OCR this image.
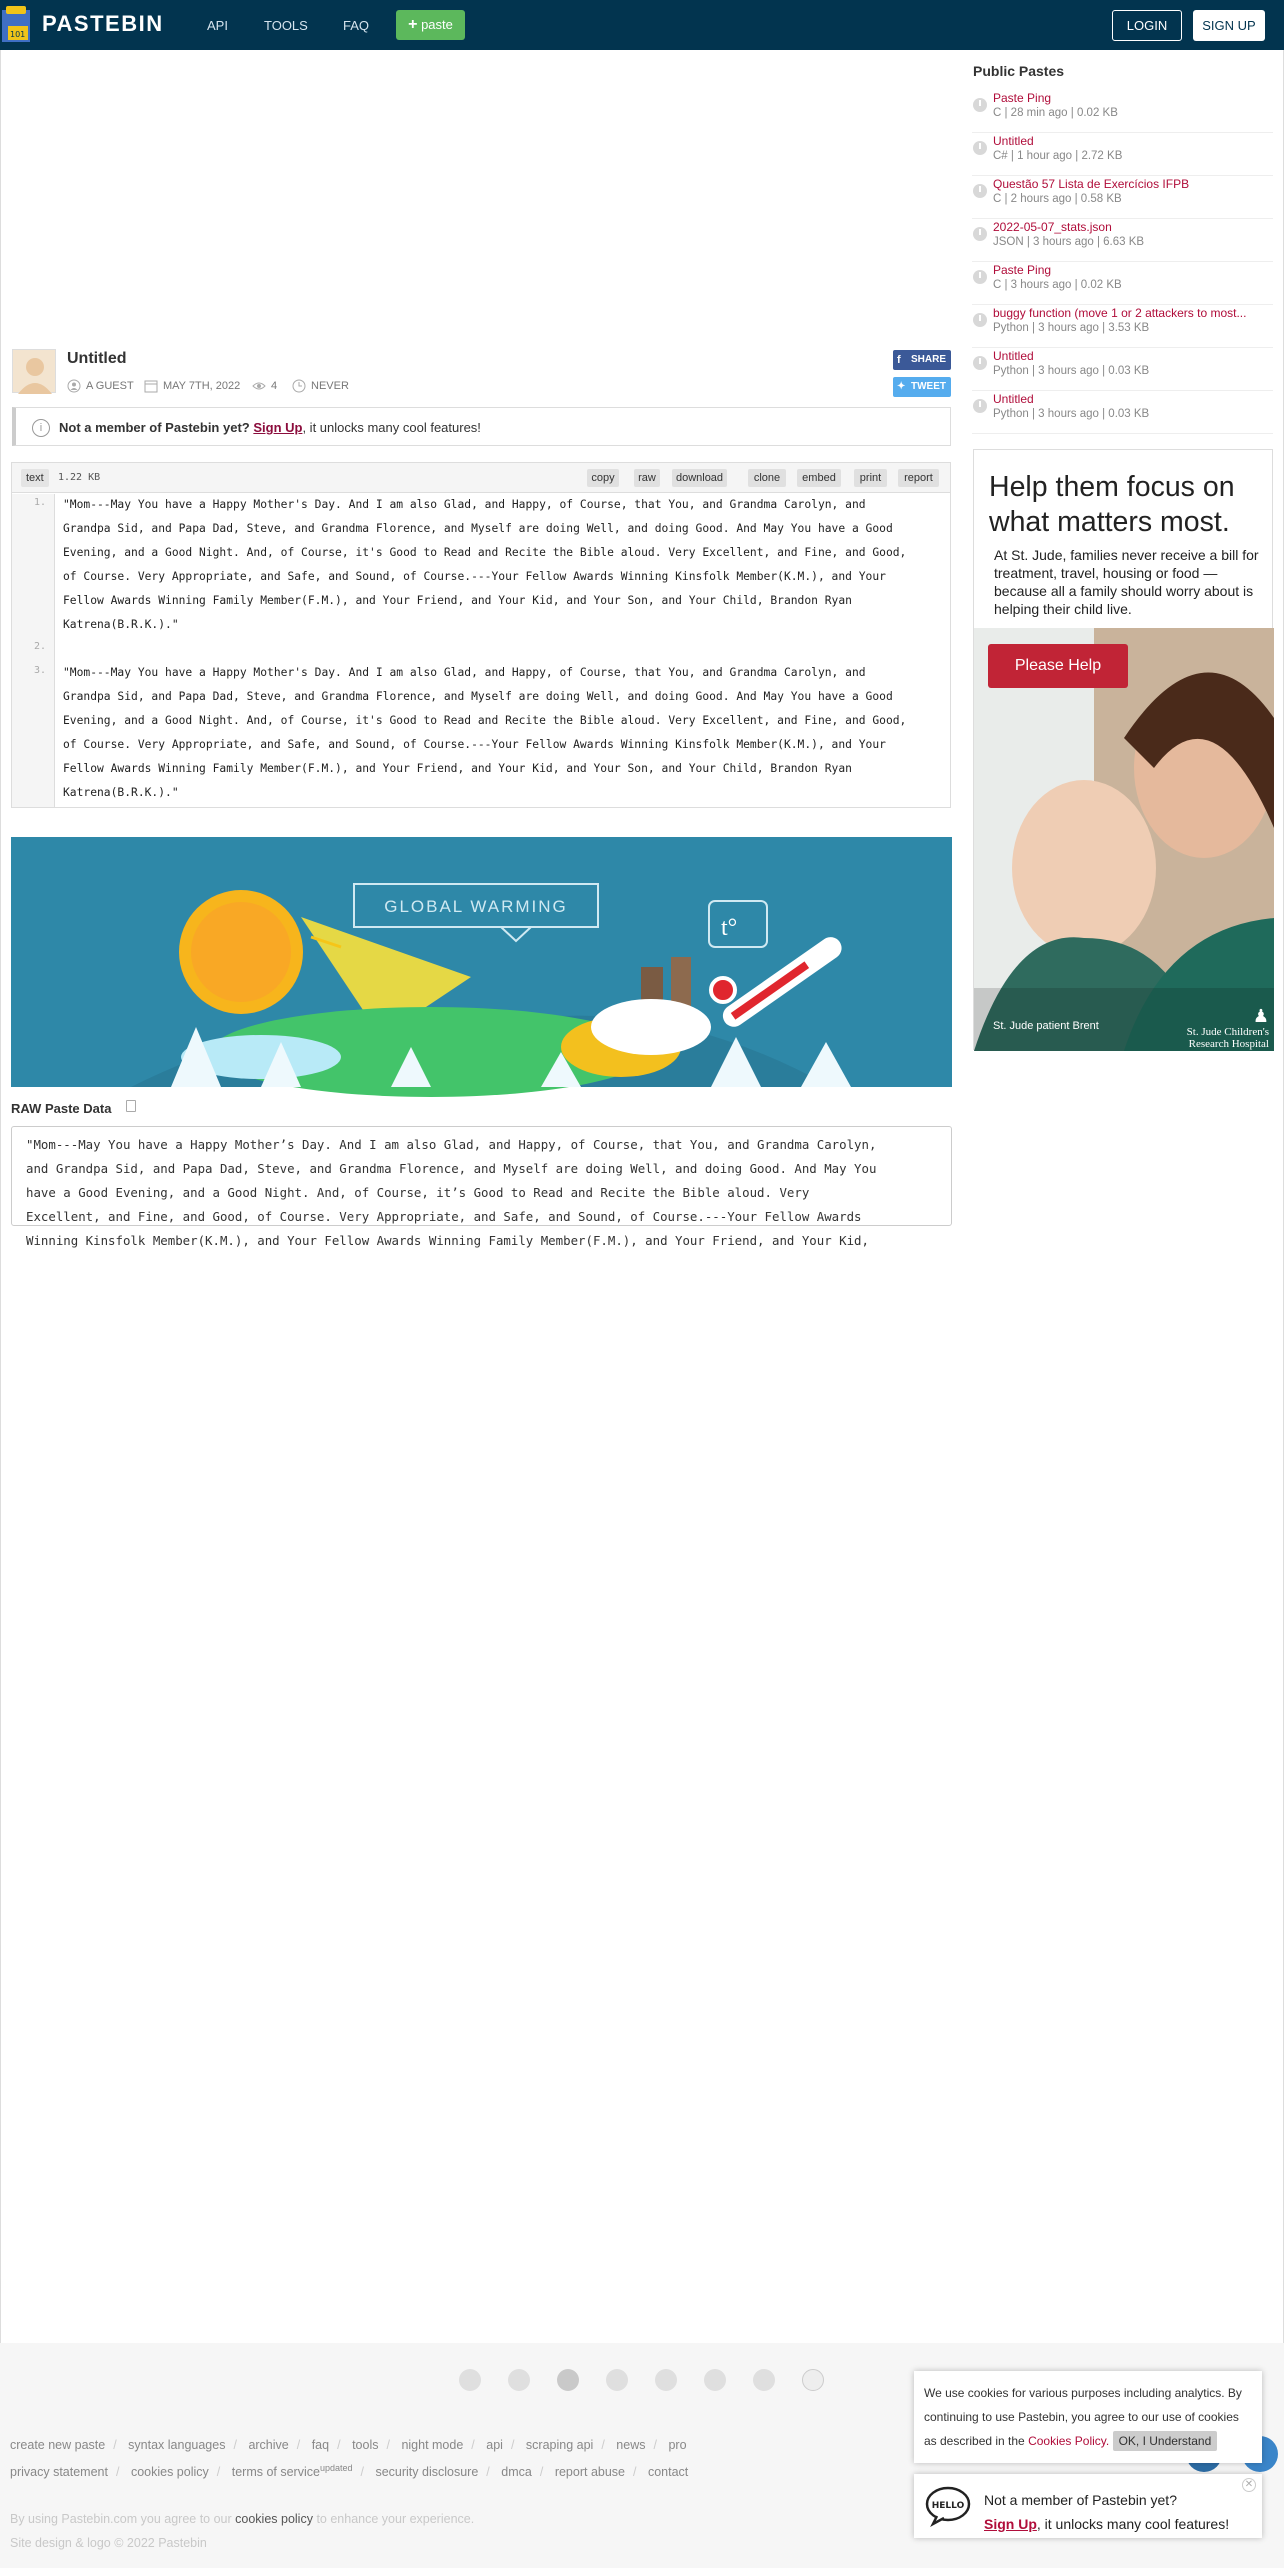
101 PASTEBIN	API	TOOLS	FAQ	+ paste	LOGIN	SIGN UP
Untitled
A GUEST	MAY 7TH, 2022	4	NEVER
f SHARE
✦ TWEET
i	Not a member of Pastebin yet? Sign Up, it unlocks many cool features!
text	1.22 KB	copy	raw	download	clone	embed	print	report
1.
2.
3.
"Mom---May You have a Happy Mother's Day. And I am also Glad, and Happy, of Course, that You, and Grandma Carolyn, and
Grandpa Sid, and Papa Dad, Steve, and Grandma Florence, and Myself are doing Well, and doing Good. And May You have a Good
Evening, and a Good Night. And, of Course, it's Good to Read and Recite the Bible aloud. Very Excellent, and Fine, and Good,
of Course. Very Appropriate, and Safe, and Sound, of Course.---Your Fellow Awards Winning Kinsfolk Member(K.M.), and Your
Fellow Awards Winning Family Member(F.M.), and Your Friend, and Your Kid, and Your Son, and Your Child, Brandon Ryan
Katrena(B.R.K.)."
"Mom---May You have a Happy Mother's Day. And I am also Glad, and Happy, of Course, that You, and Grandma Carolyn, and
Grandpa Sid, and Papa Dad, Steve, and Grandma Florence, and Myself are doing Well, and doing Good. And May You have a Good
Evening, and a Good Night. And, of Course, it's Good to Read and Recite the Bible aloud. Very Excellent, and Fine, and Good,
of Course. Very Appropriate, and Safe, and Sound, of Course.---Your Fellow Awards Winning Kinsfolk Member(K.M.), and Your
Fellow Awards Winning Family Member(F.M.), and Your Friend, and Your Kid, and Your Son, and Your Child, Brandon Ryan
Katrena(B.R.K.)."
GLOBAL WARMING
t°
RAW Paste Data
"Mom---May You have a Happy Mother’s Day. And I am also Glad, and Happy, of Course, that You, and Grandma Carolyn,
and Grandpa Sid, and Papa Dad, Steve, and Grandma Florence, and Myself are doing Well, and doing Good. And May You
have a Good Evening, and a Good Night. And, of Course, it’s Good to Read and Recite the Bible aloud. Very
Excellent, and Fine, and Good, of Course. Very Appropriate, and Safe, and Sound, of Course.---Your Fellow Awards
Winning Kinsfolk Member(K.M.), and Your Fellow Awards Winning Family Member(F.M.), and Your Friend, and Your Kid,
Public Pastes
Paste Ping
C | 28 min ago | 0.02 KB
Untitled
C# | 1 hour ago | 2.72 KB
Questão 57 Lista de Exercícios IFPB
C | 2 hours ago | 0.58 KB
2022-05-07_stats.json
JSON | 3 hours ago | 6.63 KB
Paste Ping
C | 3 hours ago | 0.02 KB
buggy function (move 1 or 2 attackers to most...
Python | 3 hours ago | 3.53 KB
Untitled
Python | 3 hours ago | 0.03 KB
Untitled
Python | 3 hours ago | 0.03 KB
Help them focus on what matters most.
At St. Jude, families never receive a bill for treatment, travel, housing or food — because all a family should worry about is helping their child live.
Please Help
St. Jude patient Brent	♟
St. Jude Children's
Research Hospital
create new paste / syntax languages / archive / faq / tools / night mode / api / scraping api / news / pro
privacy statement / cookies policy / terms of service$^{updated}$ / security disclosure / dmca / report abuse / contact
By using Pastebin.com you agree to our cookies policy to enhance your experience.
Site design & logo © 2022 Pastebin
We use cookies for various purposes including analytics. By continuing to use Pastebin, you agree to our use of cookies as described in the Cookies Policy. OK, I Understand
HELLO Not a member of Pastebin yet?
Sign Up, it unlocks many cool features!
✕
